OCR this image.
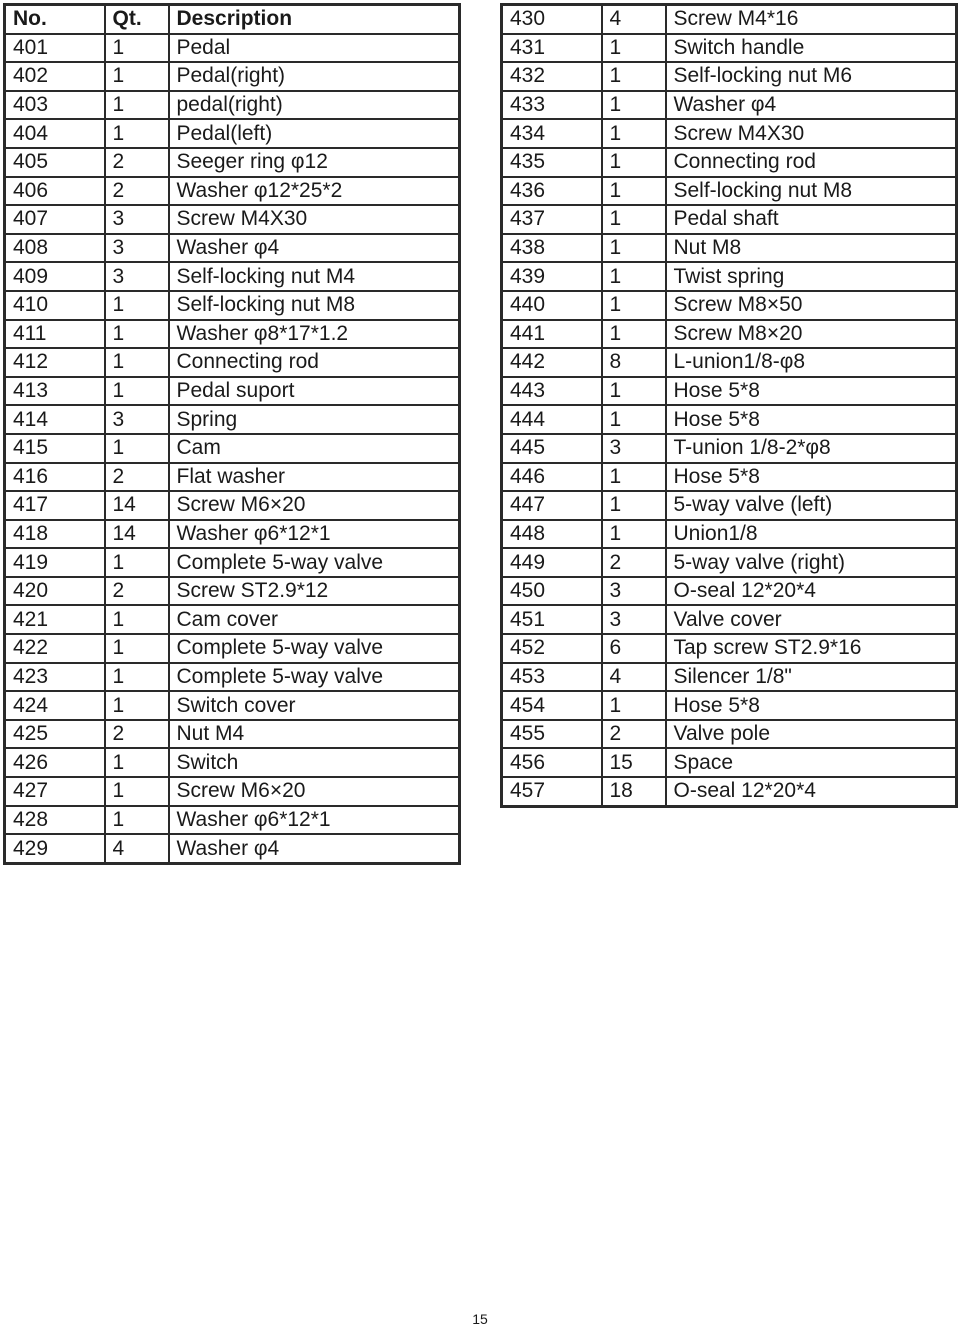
No.	Qt.	Description
401	1	Pedal
402	1	Pedal(right)
403	1	pedal(right)
404	1	Pedal(left)
405	2	Seeger ring φ12
406	2	Washer φ12*25*2
407	3	Screw M4X30
408	3	Washer φ4
409	3	Self-locking nut M4
410	1	Self-locking nut M8
411	1	Washer φ8*17*1.2
412	1	Connecting rod
413	1	Pedal suport
414	3	Spring
415	1	Cam
416	2	Flat washer
417	14	Screw M6×20
418	14	Washer φ6*12*1
419	1	Complete 5-way valve
420	2	Screw ST2.9*12
421	1	Cam cover
422	1	Complete 5-way valve
423	1	Complete 5-way valve
424	1	Switch cover
425	2	Nut M4
426	1	Switch
427	1	Screw M6×20
428	1	Washer φ6*12*1
429	4	Washer φ4
430	4	Screw M4*16
431	1	Switch handle
432	1	Self-locking nut M6
433	1	Washer φ4
434	1	Screw M4X30
435	1	Connecting rod
436	1	Self-locking nut M8
437	1	Pedal shaft
438	1	Nut M8
439	1	Twist spring
440	1	Screw M8×50
441	1	Screw M8×20
442	8	L-union1/8-φ8
443	1	Hose 5*8
444	1	Hose 5*8
445	3	T-union 1/8-2*φ8
446	1	Hose 5*8
447	1	5-way valve (left)
448	1	Union1/8
449	2	5-way valve (right)
450	3	O-seal 12*20*4
451	3	Valve cover
452	6	Tap screw ST2.9*16
453	4	Silencer 1/8"
454	1	Hose 5*8
455	2	Valve pole
456	15	Space
457	18	O-seal 12*20*4
15
